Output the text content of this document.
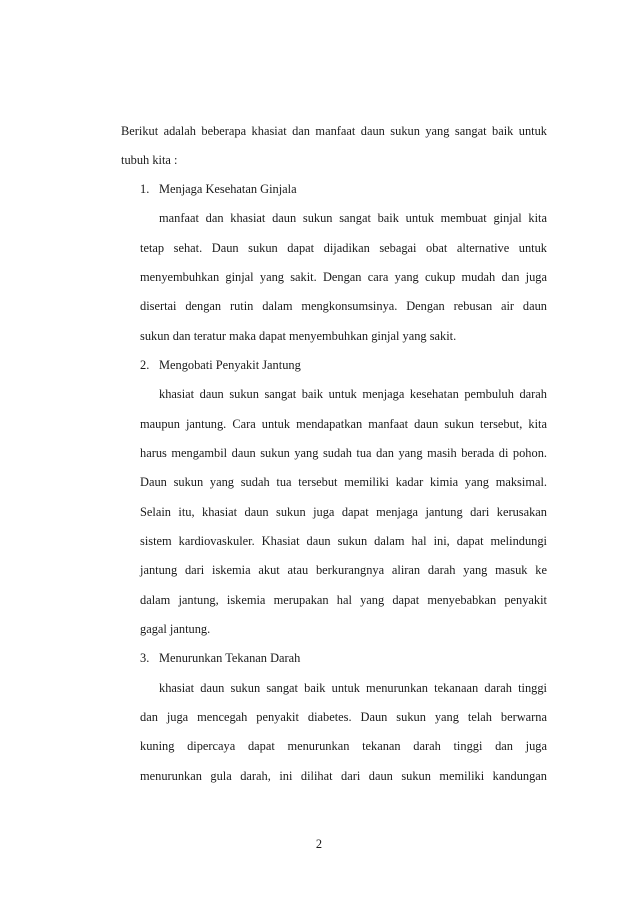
Berikut adalah beberapa khasiat dan manfaat daun sukun yang sangat baik untuk
tubuh kita :
1. Menjaga Kesehatan Ginjala
manfaat dan khasiat daun sukun sangat baik untuk membuat ginjal kita
tetap sehat. Daun sukun dapat dijadikan sebagai obat alternative untuk
menyembuhkan ginjal yang sakit. Dengan cara yang cukup mudah dan juga
disertai dengan rutin dalam mengkonsumsinya. Dengan rebusan air daun
sukun dan teratur maka dapat menyembuhkan ginjal yang sakit.
2. Mengobati Penyakit Jantung
khasiat daun sukun sangat baik untuk menjaga kesehatan pembuluh darah
maupun jantung. Cara untuk mendapatkan manfaat daun sukun tersebut, kita
harus mengambil daun sukun yang sudah tua dan yang masih berada di pohon.
Daun sukun yang sudah tua tersebut memiliki kadar kimia yang maksimal.
Selain itu, khasiat daun sukun juga dapat menjaga jantung dari kerusakan
sistem kardiovaskuler. Khasiat daun sukun dalam hal ini, dapat melindungi
jantung dari iskemia akut atau berkurangnya aliran darah yang masuk ke
dalam jantung, iskemia merupakan hal yang dapat menyebabkan penyakit
gagal jantung.
3. Menurunkan Tekanan Darah
khasiat daun sukun sangat baik untuk menurunkan tekanaan darah tinggi
dan juga mencegah penyakit diabetes. Daun sukun yang telah berwarna
kuning dipercaya dapat menurunkan tekanan darah tinggi dan juga
menurunkan gula darah, ini dilihat dari daun sukun memiliki kandungan
2
